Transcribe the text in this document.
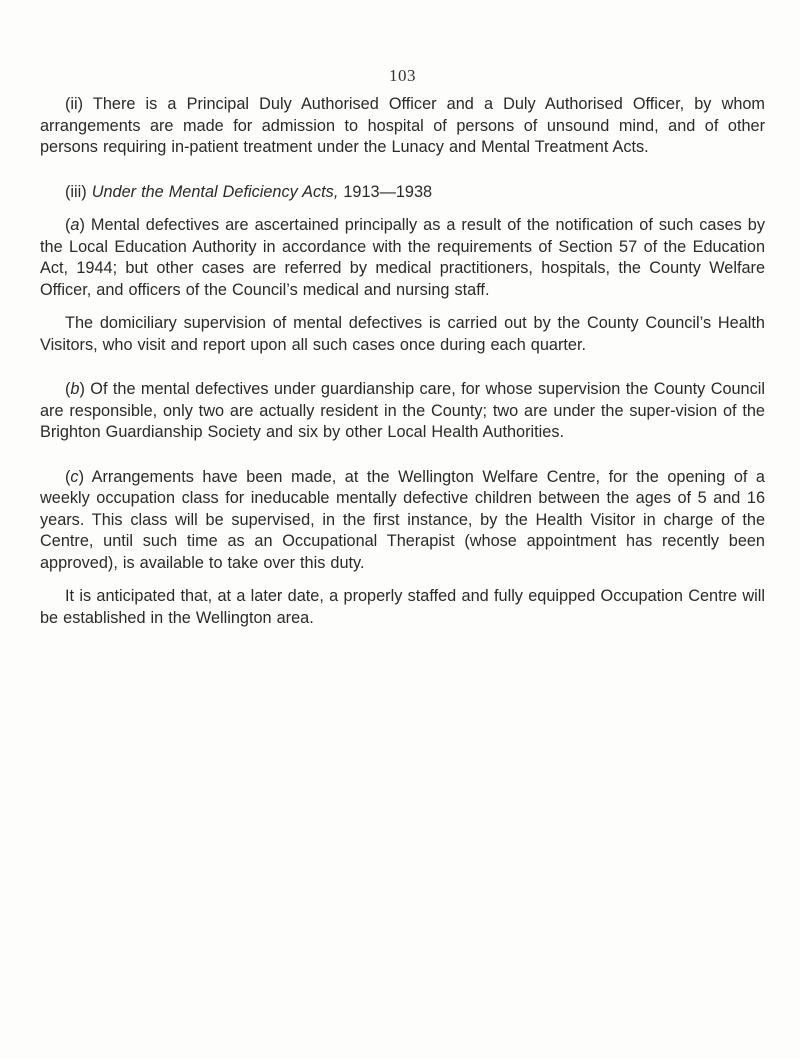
103

(ii) There is a Principal Duly Authorised Officer and a Duly Authorised Officer, by whom arrangements are made for admission to hospital of persons of unsound mind, and of other persons requiring in-patient treatment under the Lunacy and Mental Treatment Acts.

(iii) Under the Mental Deficiency Acts, 1913—1938

(a) Mental defectives are ascertained principally as a result of the notification of such cases by the Local Education Authority in accordance with the requirements of Section 57 of the Education Act, 1944; but other cases are referred by medical practitioners, hospitals, the County Welfare Officer, and officers of the Council’s medical and nursing staff.

The domiciliary supervision of mental defectives is carried out by the County Council’s Health Visitors, who visit and report upon all such cases once during each quarter.

(b) Of the mental defectives under guardianship care, for whose supervision the County Council are responsible, only two are actually resident in the County; two are under the super-vision of the Brighton Guardianship Society and six by other Local Health Authorities.

(c) Arrangements have been made, at the Wellington Welfare Centre, for the opening of a weekly occupation class for ineducable mentally defective children between the ages of 5 and 16 years. This class will be supervised, in the first instance, by the Health Visitor in charge of the Centre, until such time as an Occupational Therapist (whose appointment has recently been approved), is available to take over this duty.

It is anticipated that, at a later date, a properly staffed and fully equipped Occupation Centre will be established in the Wellington area.
